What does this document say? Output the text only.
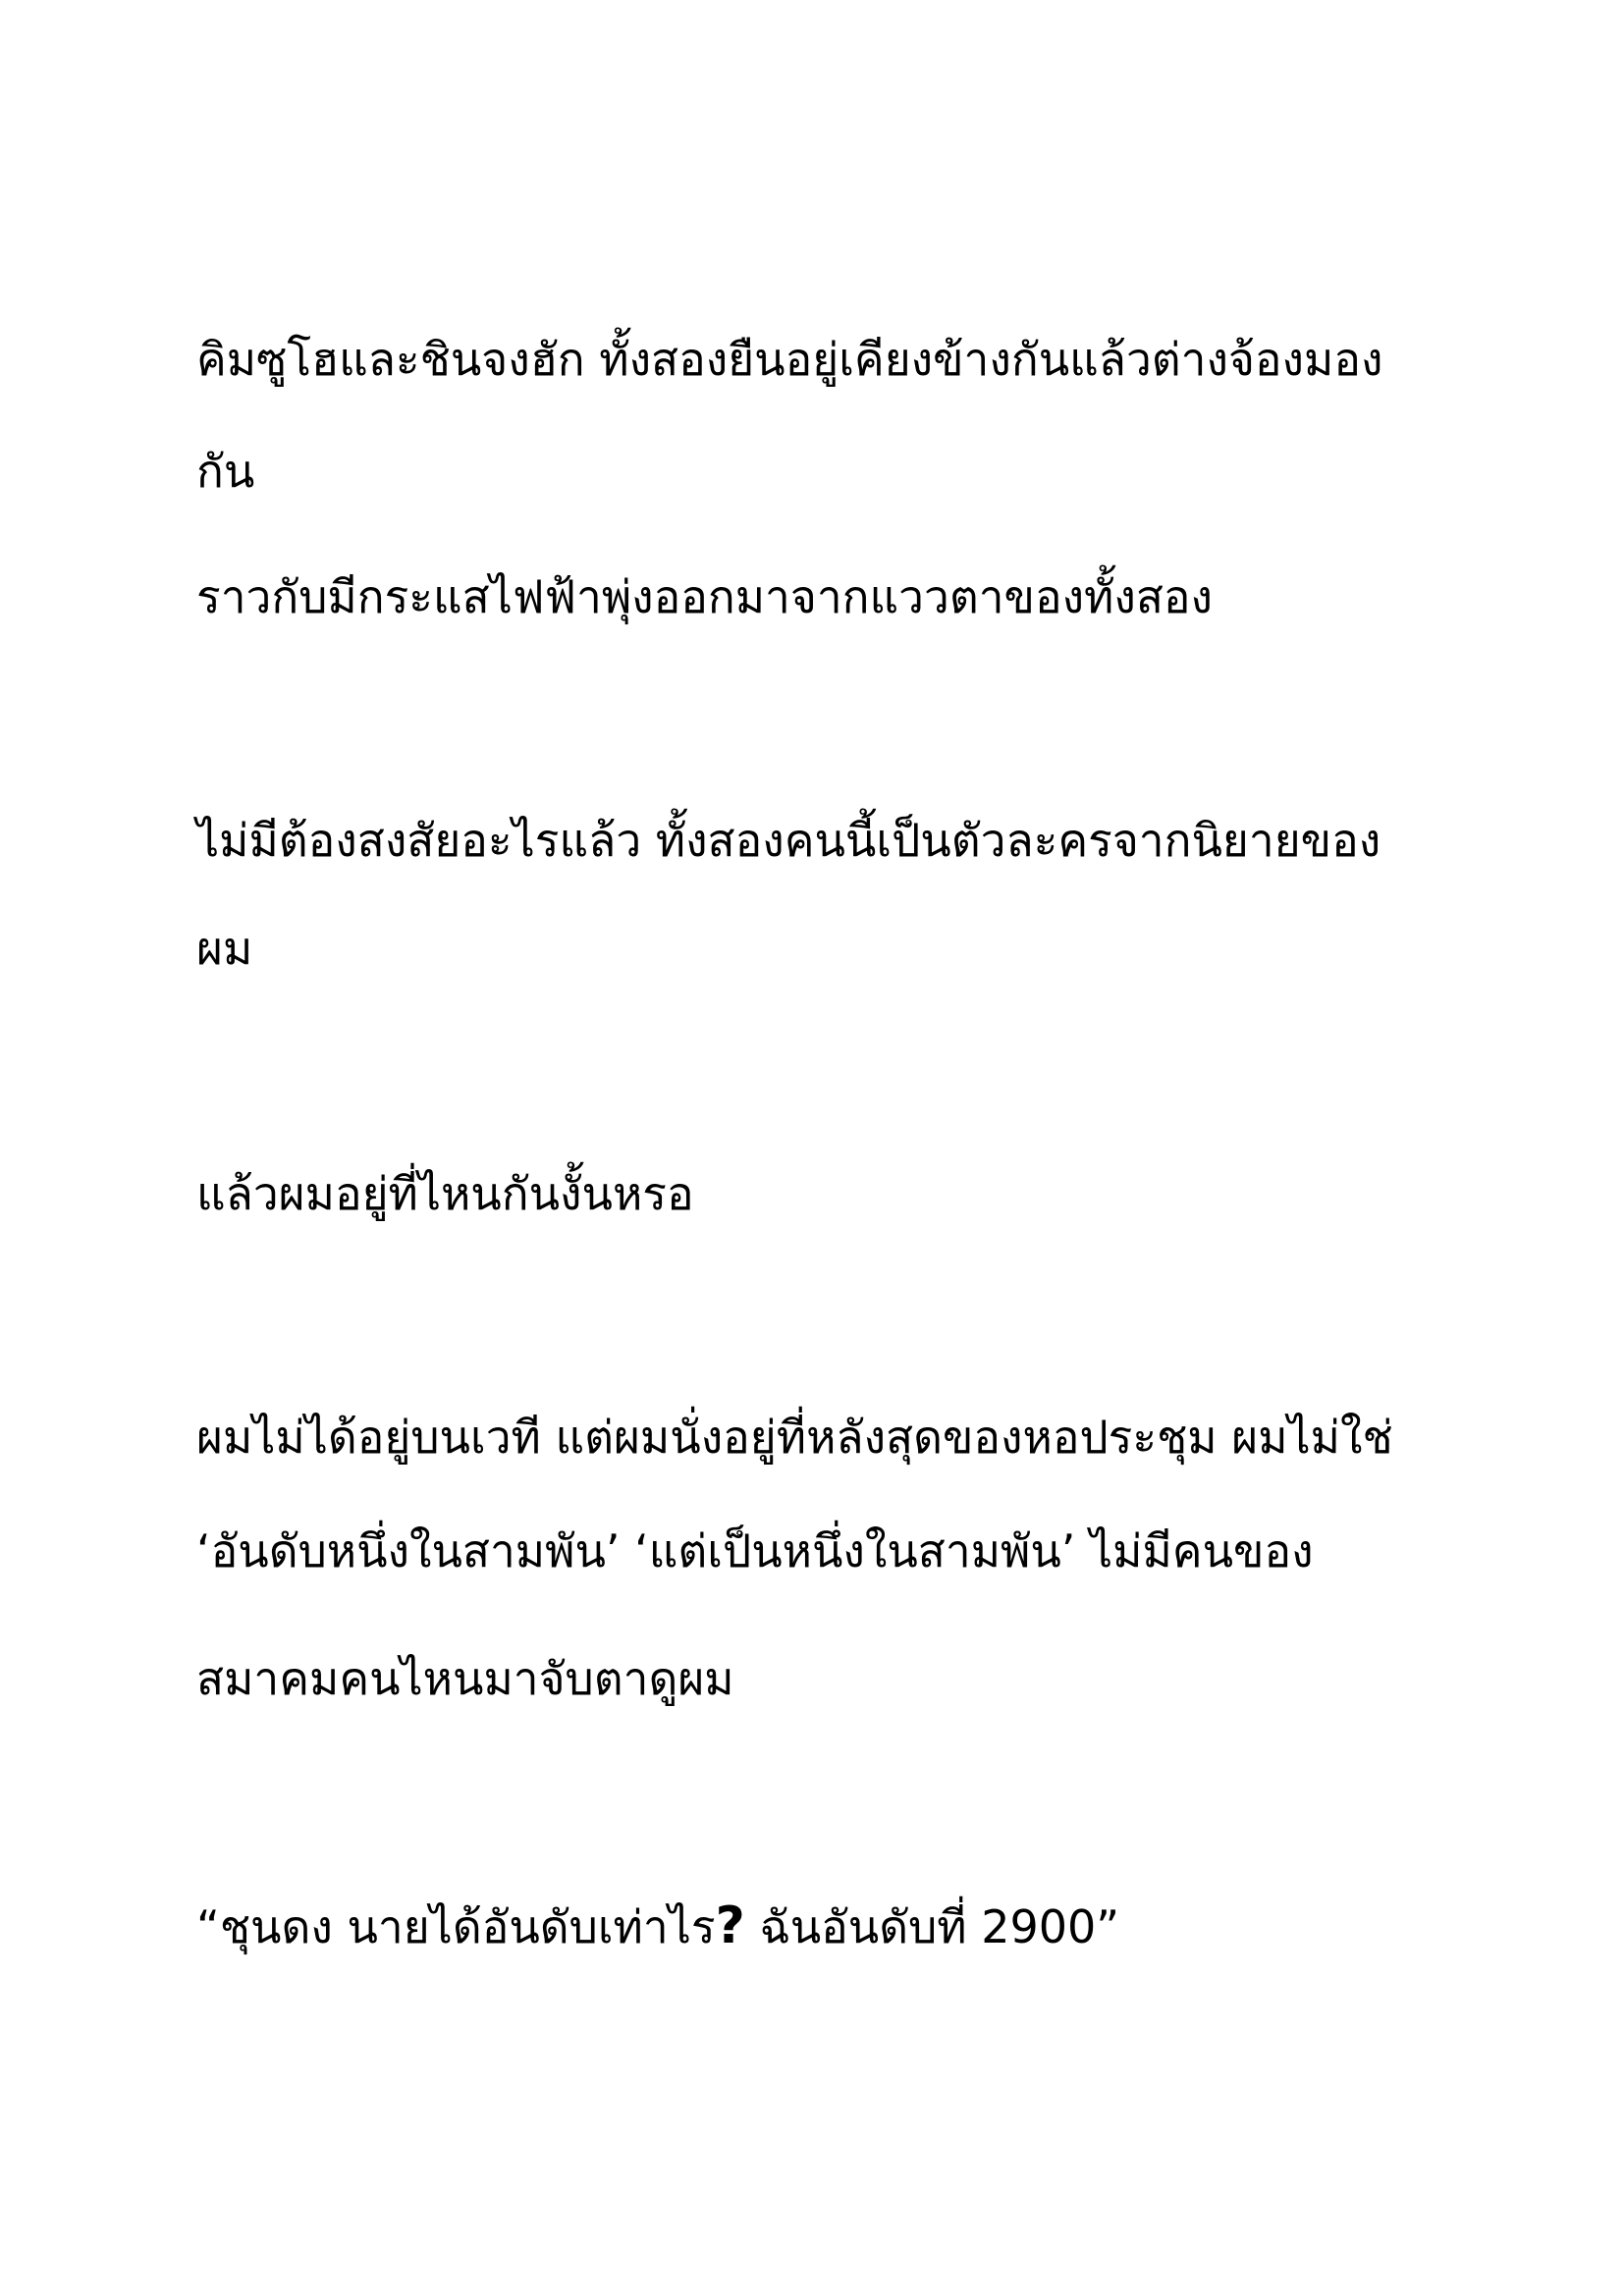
คิมซูโฮและชินจงฮัก ทั้งสองยืนอยู่เคียงข้างกันแล้วต่างจ้องมอง
กัน
ราวกับมีกระแสไฟฟ้าพุ่งออกมาจากแววตาของทั้งสอง
ไม่มีต้องสงสัยอะไรแล้ว ทั้งสองคนนี้เป็นตัวละครจากนิยายของ
ผม
แล้วผมอยู่ที่ไหนกันงั้นหรอ
ผมไม่ได้อยู่บนเวที แต่ผมนั่งอยู่ที่หลังสุดของหอประชุม ผมไม่ใช่
‘อันดับหนึ่งในสามพัน’ ‘แต่เป็นหนึ่งในสามพัน’ ไม่มีคนของ
สมาคมคนไหนมาจับตาดูผม
“ชุนดง นายได้อันดับเท่าไร? ฉันอันดับที่ 2900”
